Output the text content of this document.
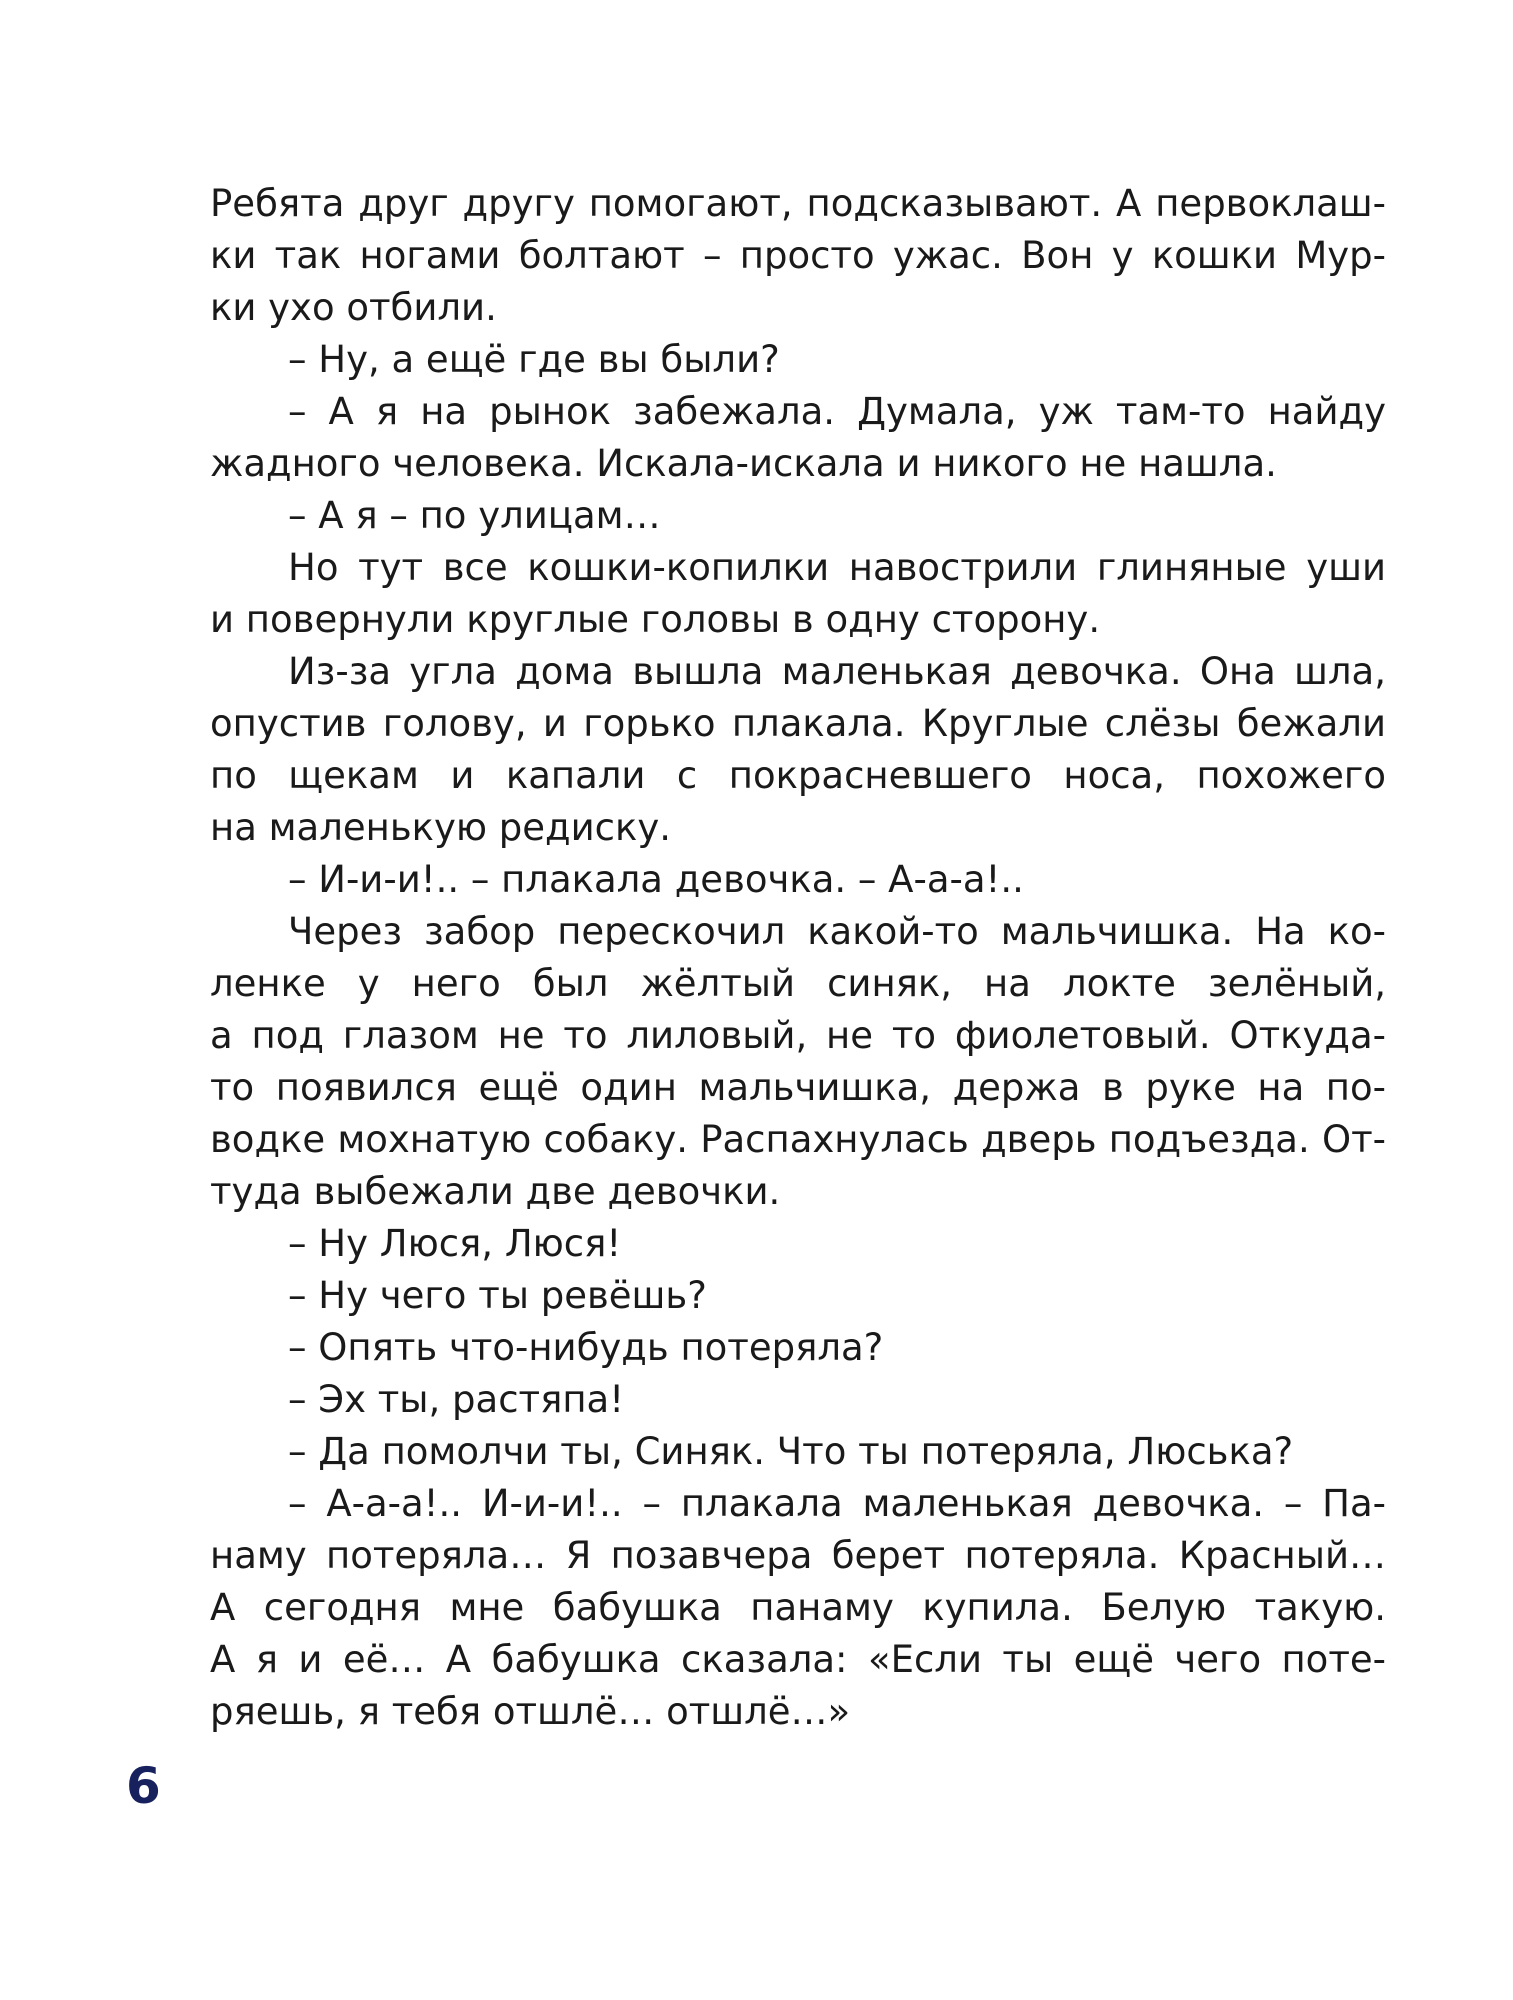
Ребята друг другу помогают, подсказывают. А первоклаш-
ки так ногами болтают – просто ужас. Вон у кошки Мур-
ки ухо отбили.
– Ну, а ещё где вы были?
– А я на рынок забежала. Думала, уж там-то найду
жадного человека. Искала-искала и никого не нашла.
– А я – по улицам…
Но тут все кошки-копилки навострили глиняные уши
и повернули круглые головы в одну сторону.
Из-за угла дома вышла маленькая девочка. Она шла,
опустив голову, и горько плакала. Круглые слёзы бежали
по щекам и капали с покрасневшего носа, похожего
на маленькую редиску.
– И-и-и!.. – плакала девочка. – А-а-а!..
Через забор перескочил какой-то мальчишка. На ко-
ленке у него был жёлтый синяк, на локте зелёный,
а под глазом не то лиловый, не то фиолетовый. Откуда-
то появился ещё один мальчишка, держа в руке на по-
водке мохнатую собаку. Распахнулась дверь подъезда. От-
туда выбежали две девочки.
– Ну Люся, Люся!
– Ну чего ты ревёшь?
– Опять что-нибудь потеряла?
– Эх ты, растяпа!
– Да помолчи ты, Синяк. Что ты потеряла, Люська?
– А-а-а!.. И-и-и!.. – плакала маленькая девочка. – Па-
наму потеряла… Я позавчера берет потеряла. Красный…
А сегодня мне бабушка панаму купила. Белую такую.
А я и её… А бабушка сказала: «Если ты ещё чего поте-
ряешь, я тебя отшлё… отшлё…»
6
